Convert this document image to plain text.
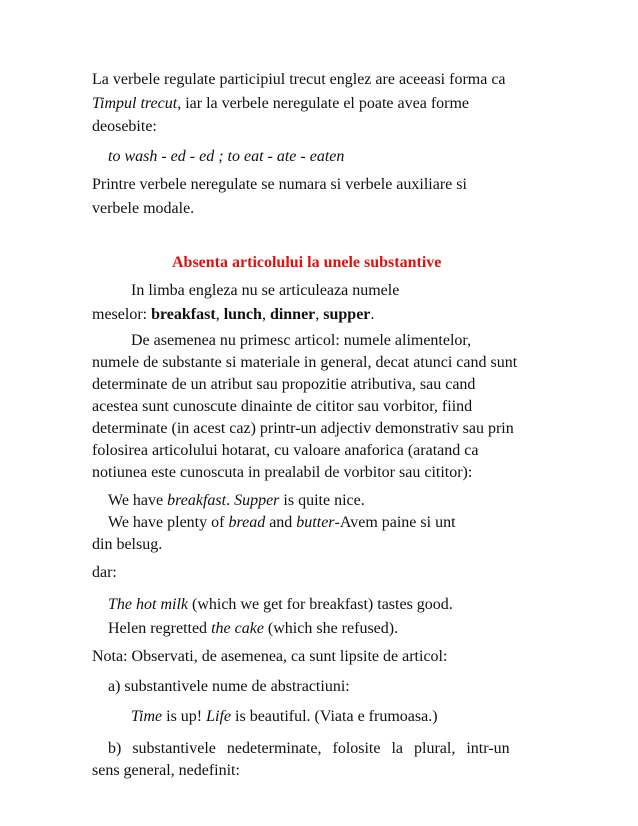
La verbele regulate participiul trecut englez are aceeasi forma ca
Timpul trecut, iar la verbele neregulate el poate avea forme
deosebite:
to wash - ed - ed ; to eat - ate - eaten
Printre verbele neregulate se numara si verbele auxiliare si
verbele modale.
Absenta articolului la unele substantive
In limba engleza nu se articuleaza numele
meselor: breakfast, lunch, dinner, supper.
De asemenea nu primesc articol: numele alimentelor,
numele de substante si materiale in general, decat atunci cand sunt
determinate de un atribut sau propozitie atributiva, sau cand
acestea sunt cunoscute dinainte de cititor sau vorbitor, fiind
determinate (in acest caz) printr-un adjectiv demonstrativ sau prin
folosirea articolului hotarat, cu valoare anaforica (aratand ca
notiunea este cunoscuta in prealabil de vorbitor sau cititor):
We have breakfast. Supper is quite nice.
We have plenty of bread and butter-Avem paine si unt
din belsug.
dar:
The hot milk (which we get for breakfast) tastes good.
Helen regretted the cake (which she refused).
Nota: Observati, de asemenea, ca sunt lipsite de articol:
a) substantivele nume de abstractiuni:
Time is up! Life is beautiful. (Viata e frumoasa.)
b) substantivele nedeterminate, folosite la plural, intr-un
sens general, nedefinit:
